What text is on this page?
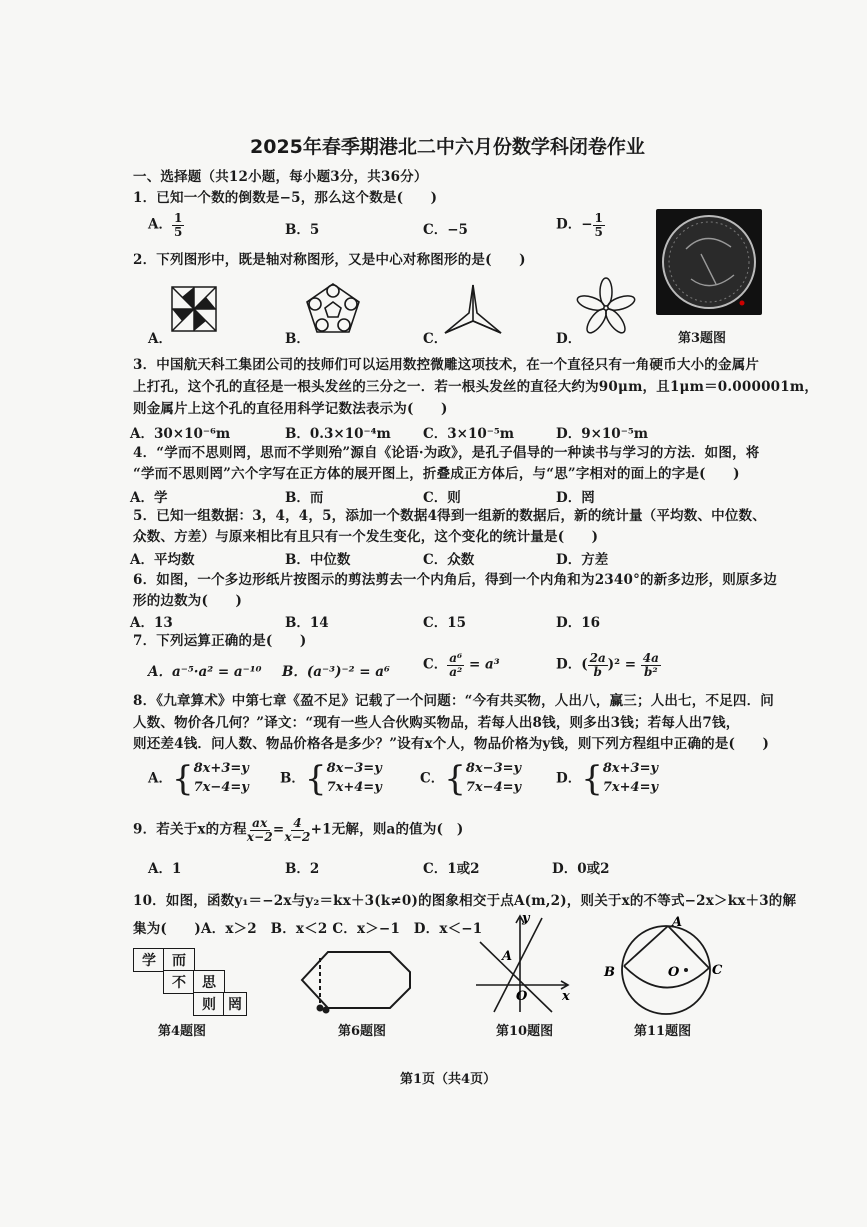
2025年春季期港北二中六月份数学科闭卷作业
一、选择题（共12小题，每小题3分，共36分）
1．已知一个数的倒数是−5，那么这个数是(　　)
A． $\frac{1}{5}$	B．5	C．−5	D．− $\frac{1}{5}$
第3题图
2．下列图形中，既是轴对称图形，又是中心对称图形的是(　　)
A．	B．	C．	D．
3．中国航天科工集团公司的技师们可以运用数控微雕这项技术，在一个直径只有一角硬币大小的金属片
上打孔，这个孔的直径是一根头发丝的三分之一．若一根头发丝的直径大约为90μm，且1μm＝0.000001m，
则金属片上这个孔的直径用科学记数法表示为(　　)
A．30×10⁻⁶m	B．0.3×10⁻⁴m C．3×10⁻⁵m	D．9×10⁻⁵m
4．“学而不思则罔，思而不学则殆”源自《论语·为政》，是孔子倡导的一种读书与学习的方法．如图，将
“学而不思则罔”六个字写在正方体的展开图上，折叠成正方体后，与“思”字相对的面上的字是(　　)
A．学	B．而	C．则	D．罔
5．已知一组数据：3，4，4，5，添加一个数据4得到一组新的数据后，新的统计量（平均数、中位数、
众数、方差）与原来相比有且只有一个发生变化，这个变化的统计量是(　　)
A．平均数	B．中位数	C．众数	D．方差
6．如图，一个多边形纸片按图示的剪法剪去一个内角后，得到一个内角和为2340°的新多边形，则原多边
形的边数为(　　)
A．13	B．14	C．15	D．16
7．下列运算正确的是(　　)
A．a⁻⁵·a² = a⁻¹⁰ B．(a⁻³)⁻² = a⁶ C． $\frac{\text{a⁶}}{\text{a²}} = a^3$	D．( $\frac{2a}{b} )^2 = \frac{4a}{\text{b²}}$
8．《九章算术》中第七章《盈不足》记载了一个问题：“今有共买物，人出八，赢三；人出七，不足四．问
人数、物价各几何？”译文：“现有一些人合伙购买物品，若每人出8钱，则多出3钱；若每人出7钱，
则还差4钱．问人数、物品价格各是多少？”设有x个人，物品价格为y钱，则下列方程组中正确的是(　　)
A．{8x+3=y
7x−4=y
B．{8x−3=y
7x+4=y
C．{8x−3=y
7x−4=y
D．{8x+3=y
7x+4=y
9．若关于x的方程 $\frac{ax}{x-2} = \frac{4}{x-2} +1$无解，则a的值为(　)
A．1	B．2	C．1或2	D．0或2
10．如图，函数y₁＝−2x与y₂＝kx＋3(k≠0)的图象相交于点A(m,2)，则关于x的不等式−2x＞kx＋3的解
集为(　　)A．x＞2　B．x＜2 C．x＞−1　D．x＜−1
学	而
不	思
则 罔
第4题图	第6题图
y
x
A
O
第10题图
A
B	C
O
第11题图
第1页（共4页）
